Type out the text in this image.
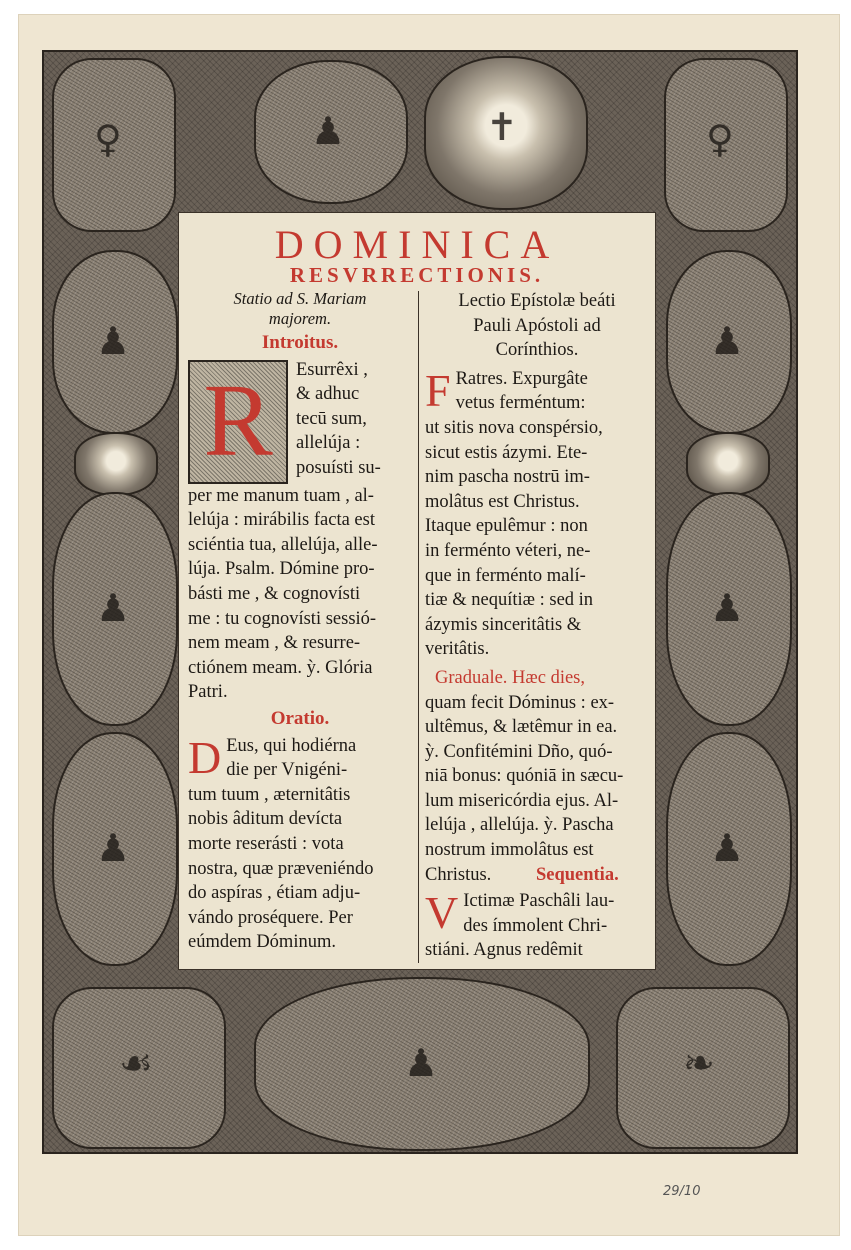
♀	♟	✝	♀
♟
♟
♟
♟
♟
♟
☙	♟	❧
DOMINICA
RESVRRECTIONIS.
Statio ad S. Mariam
majorem.
Introitus.
R	Esurrêxi ,
& adhuc
tecū sum,
allelúja :
posuísti su-
per me manum tuam , al-
lelúja : mirábilis facta est
sciéntia tua, allelúja, alle-
lúja. Psalm. Dómine pro-
básti me , & cognovísti
me : tu cognovísti sessió-
nem meam , & resurre-
ctiónem meam. ỳ. Glória
Patri.
Oratio.
D Eus, qui hodiérna
die per Vnigéni-
tum tuum , æternitâtis
nobis âditum devícta
morte reserásti : vota
nostra, quæ præveniéndo
do aspíras , étiam adju-
vándo proséquere. Per
eúmdem Dóminum.
Lectio Epístolæ beáti
Pauli Apóstoli ad
Corínthios.
F Ratres. Expurgâte
vetus ferméntum:
ut sitis nova conspérsio,
sicut estis ázymi. Ete-
nim pascha nostrū im-
molâtus est Christus.
Itaque epulêmur : non
in ferménto véteri, ne-
que in ferménto malí-
tiæ & nequítiæ : sed in
ázymis sinceritâtis &
veritâtis.
Graduale. Hæc dies,
quam fecit Dóminus : ex-
ultêmus, & lætêmur in ea.
ỳ. Confitémini Dño, quó-
niā bonus: quóniā in sæcu-
lum misericórdia ejus. Al-
lelúja , allelúja. ỳ. Pascha
nostrum immolâtus est
Christus. Sequentia.
V Ictimæ Paschâli lau-
des ímmolent Chri-
stiáni. Agnus redêmit
29/10
